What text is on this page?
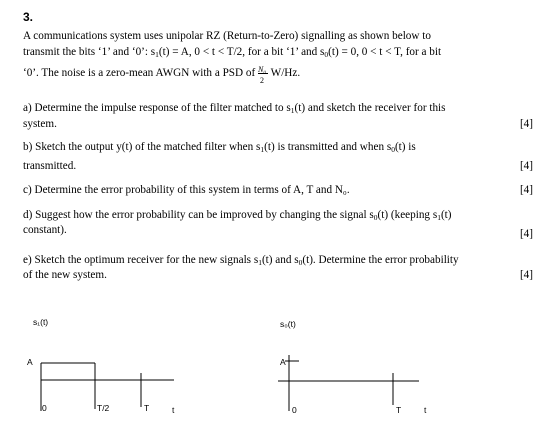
3.
A communications system uses unipolar RZ (Return-to-Zero) signalling as shown below to
transmit the bits ‘1’ and ‘0’: $s_1(t) = A$, 0 < t < T/2, for a bit ‘1’ and $s_0(t) = 0$, 0 < t < T, for a bit
‘0’. The noise is a zero-mean AWGN with a PSD of $\frac{\text{N₀}}{2} W/Hz$.
a) Determine the impulse response of the filter matched to $s_1(t)$ and sketch the receiver for this
system.	[4]
b) Sketch the output y(t) of the matched filter when $s_1(t)$ is transmitted and when $s_0(t)$ is
transmitted.	[4]
c) Determine the error probability of this system in terms of A, T and N₀.	[4]
d) Suggest how the error probability can be improved by changing the signal $s_0(t)$ (keeping $s_1(t)$
constant).	[4]
e) Sketch the optimum receiver for the new signals $s_1(t)$ and $s_0(t)$. Determine the error probability
of the new system.	[4]
s₁(t)
A
0	T/2	T	t
s₀(t)
A
0	T	t
